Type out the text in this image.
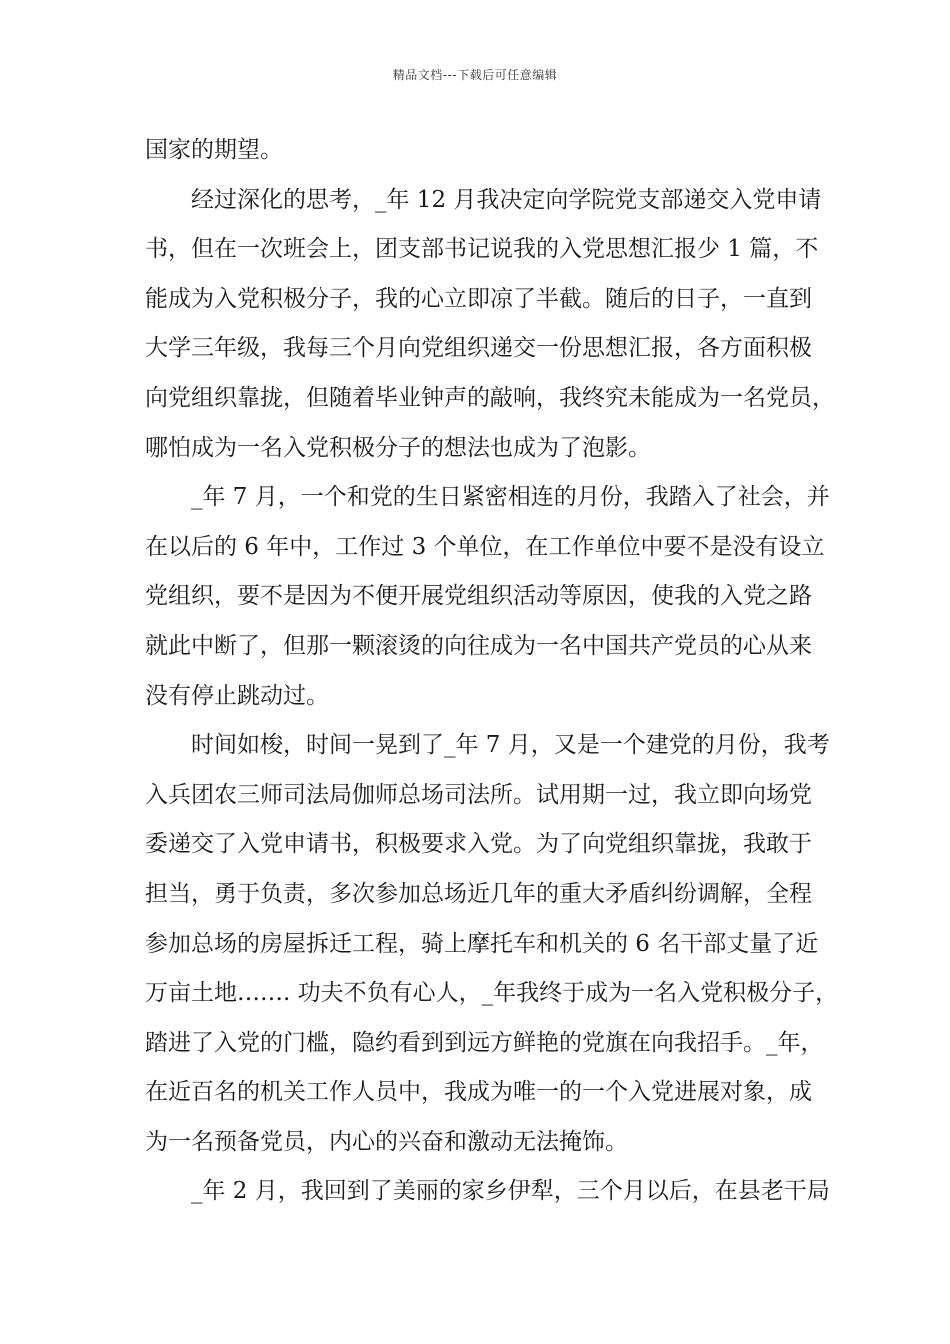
精品文档---下载后可任意编辑
国家的期望。
经过深化的思考，_年 12 月我决定向学院党支部递交入党申请
书，但在一次班会上，团支部书记说我的入党思想汇报少 1 篇，不
能成为入党积极分子，我的心立即凉了半截。随后的日子，一直到
大学三年级，我每三个月向党组织递交一份思想汇报，各方面积极
向党组织靠拢，但随着毕业钟声的敲响，我终究未能成为一名党员，
哪怕成为一名入党积极分子的想法也成为了泡影。
_年 7 月，一个和党的生日紧密相连的月份，我踏入了社会，并
在以后的 6 年中，工作过 3 个单位，在工作单位中要不是没有设立
党组织，要不是因为不便开展党组织活动等原因，使我的入党之路
就此中断了，但那一颗滚烫的向往成为一名中国共产党员的心从来
没有停止跳动过。
时间如梭，时间一晃到了_年 7 月，又是一个建党的月份，我考
入兵团农三师司法局伽师总场司法所。试用期一过，我立即向场党
委递交了入党申请书，积极要求入党。为了向党组织靠拢，我敢于
担当，勇于负责，多次参加总场近几年的重大矛盾纠纷调解，全程
参加总场的房屋拆迁工程，骑上摩托车和机关的 6 名干部丈量了近
万亩土地……. 功夫不负有心人，_年我终于成为一名入党积极分子，
踏进了入党的门槛，隐约看到到远方鲜艳的党旗在向我招手。_年，
在近百名的机关工作人员中，我成为唯一的一个入党进展对象，成
为一名预备党员，内心的兴奋和激动无法掩饰。
_年 2 月，我回到了美丽的家乡伊犁，三个月以后，在县老干局
